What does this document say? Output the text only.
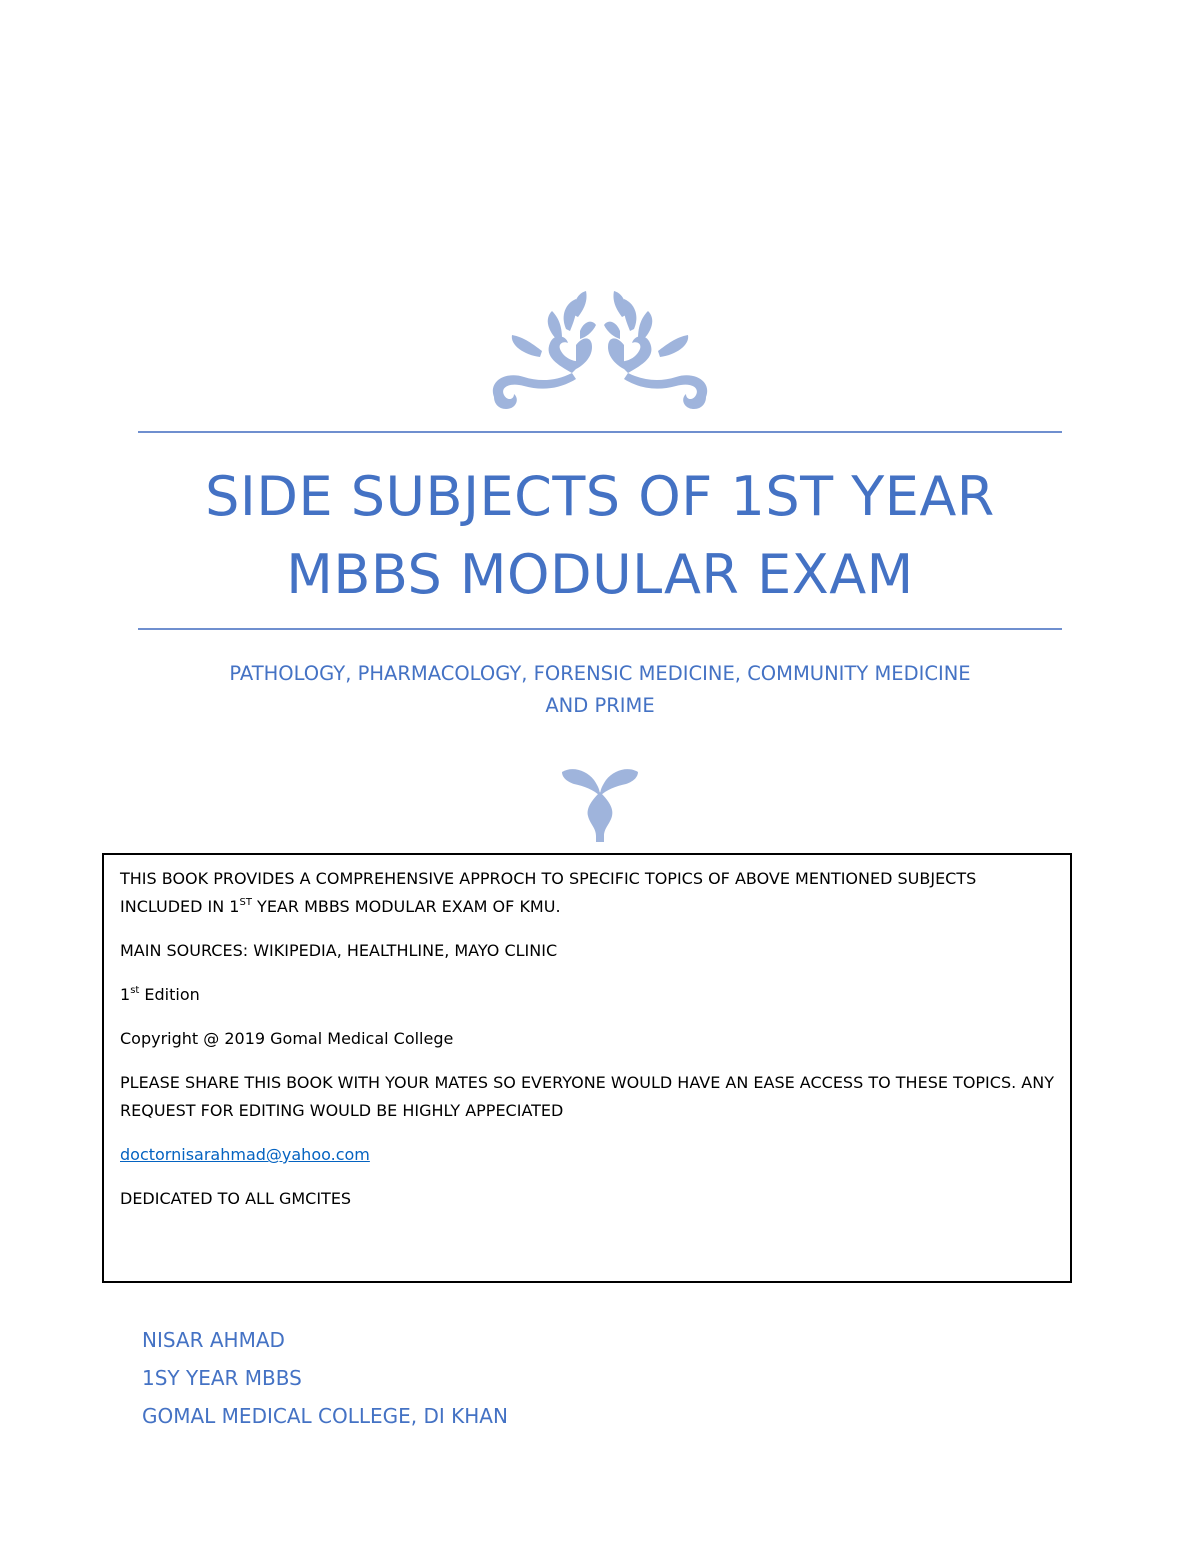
SIDE SUBJECTS OF 1ST YEAR
MBBS MODULAR EXAM

PATHOLOGY, PHARMACOLOGY, FORENSIC MEDICINE, COMMUNITY MEDICINE
AND PRIME

THIS BOOK PROVIDES A COMPREHENSIVE APPROCH TO SPECIFIC TOPICS OF ABOVE MENTIONED SUBJECTS INCLUDED IN 1ST YEAR MBBS MODULAR EXAM OF KMU.

MAIN SOURCES: WIKIPEDIA, HEALTHLINE, MAYO CLINIC

1st Edition

Copyright @ 2019 Gomal Medical College

PLEASE SHARE THIS BOOK WITH YOUR MATES SO EVERYONE WOULD HAVE AN EASE ACCESS TO THESE TOPICS. ANY REQUEST FOR EDITING WOULD BE HIGHLY APPECIATED

doctornisarahmad@yahoo.com

DEDICATED TO ALL GMCITES

NISAR AHMAD
1SY YEAR MBBS
GOMAL MEDICAL COLLEGE, DI KHAN
